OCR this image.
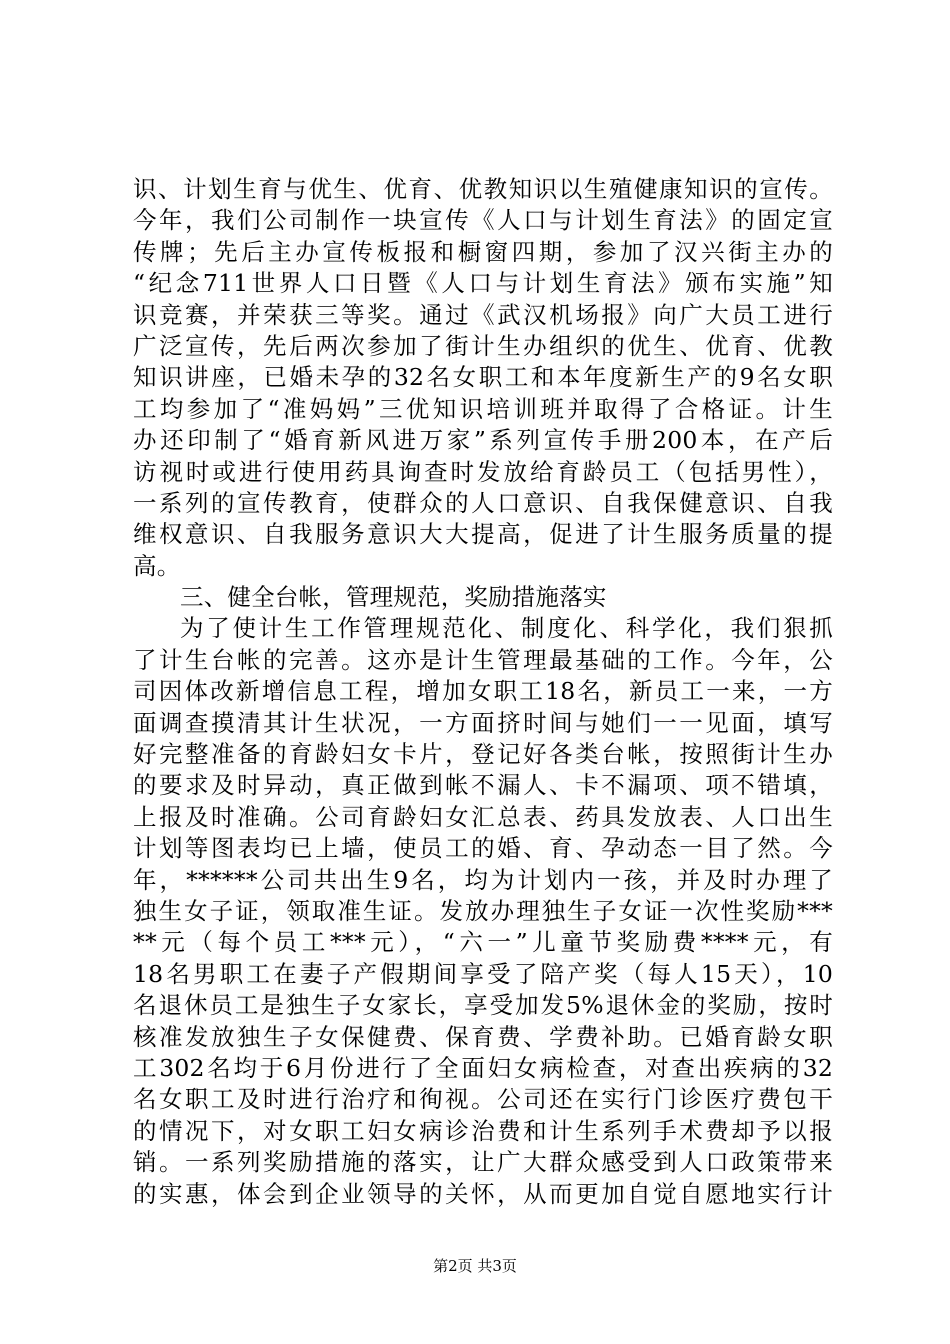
识、计划生育与优生、优育、优教知识以生殖健康知识的宣传。
今年，我们公司制作一块宣传《人口与计划生育法》的固定宣
传牌；先后主办宣传板报和橱窗四期，参加了汉兴街主办的
“纪念711世界人口日暨《人口与计划生育法》颁布实施”知
识竞赛，并荣获三等奖。通过《武汉机场报》向广大员工进行
广泛宣传，先后两次参加了街计生办组织的优生、优育、优教
知识讲座，已婚未孕的32名女职工和本年度新生产的9名女职
工均参加了“准妈妈”三优知识培训班并取得了合格证。计生
办还印制了“婚育新风进万家”系列宣传手册200本，在产后
访视时或进行使用药具询查时发放给育龄员工（包括男性），
一系列的宣传教育，使群众的人口意识、自我保健意识、自我
维权意识、自我服务意识大大提高，促进了计生服务质量的提
高。
三、健全台帐，管理规范，奖励措施落实
为了使计生工作管理规范化、制度化、科学化，我们狠抓
了计生台帐的完善。这亦是计生管理最基础的工作。今年，公
司因体改新增信息工程，增加女职工18名，新员工一来，一方
面调查摸清其计生状况，一方面挤时间与她们一一见面，填写
好完整准备的育龄妇女卡片，登记好各类台帐，按照街计生办
的要求及时异动，真正做到帐不漏人、卡不漏项、项不错填，
上报及时准确。公司育龄妇女汇总表、药具发放表、人口出生
计划等图表均已上墙，使员工的婚、育、孕动态一目了然。今
年，******公司共出生9名，均为计划内一孩，并及时办理了
独生女子证，领取准生证。发放办理独生子女证一次性奖励***
**元（每个员工***元），“六一”儿童节奖励费****元，有
18名男职工在妻子产假期间享受了陪产奖（每人15天），10
名退休员工是独生子女家长，享受加发5%退休金的奖励，按时
核准发放独生子女保健费、保育费、学费补助。已婚育龄女职
工302名均于6月份进行了全面妇女病检查，对查出疾病的32
名女职工及时进行治疗和徇视。公司还在实行门诊医疗费包干
的情况下，对女职工妇女病诊治费和计生系列手术费却予以报
销。一系列奖励措施的落实，让广大群众感受到人口政策带来
的实惠，体会到企业领导的关怀，从而更加自觉自愿地实行计
第2页 共3页
